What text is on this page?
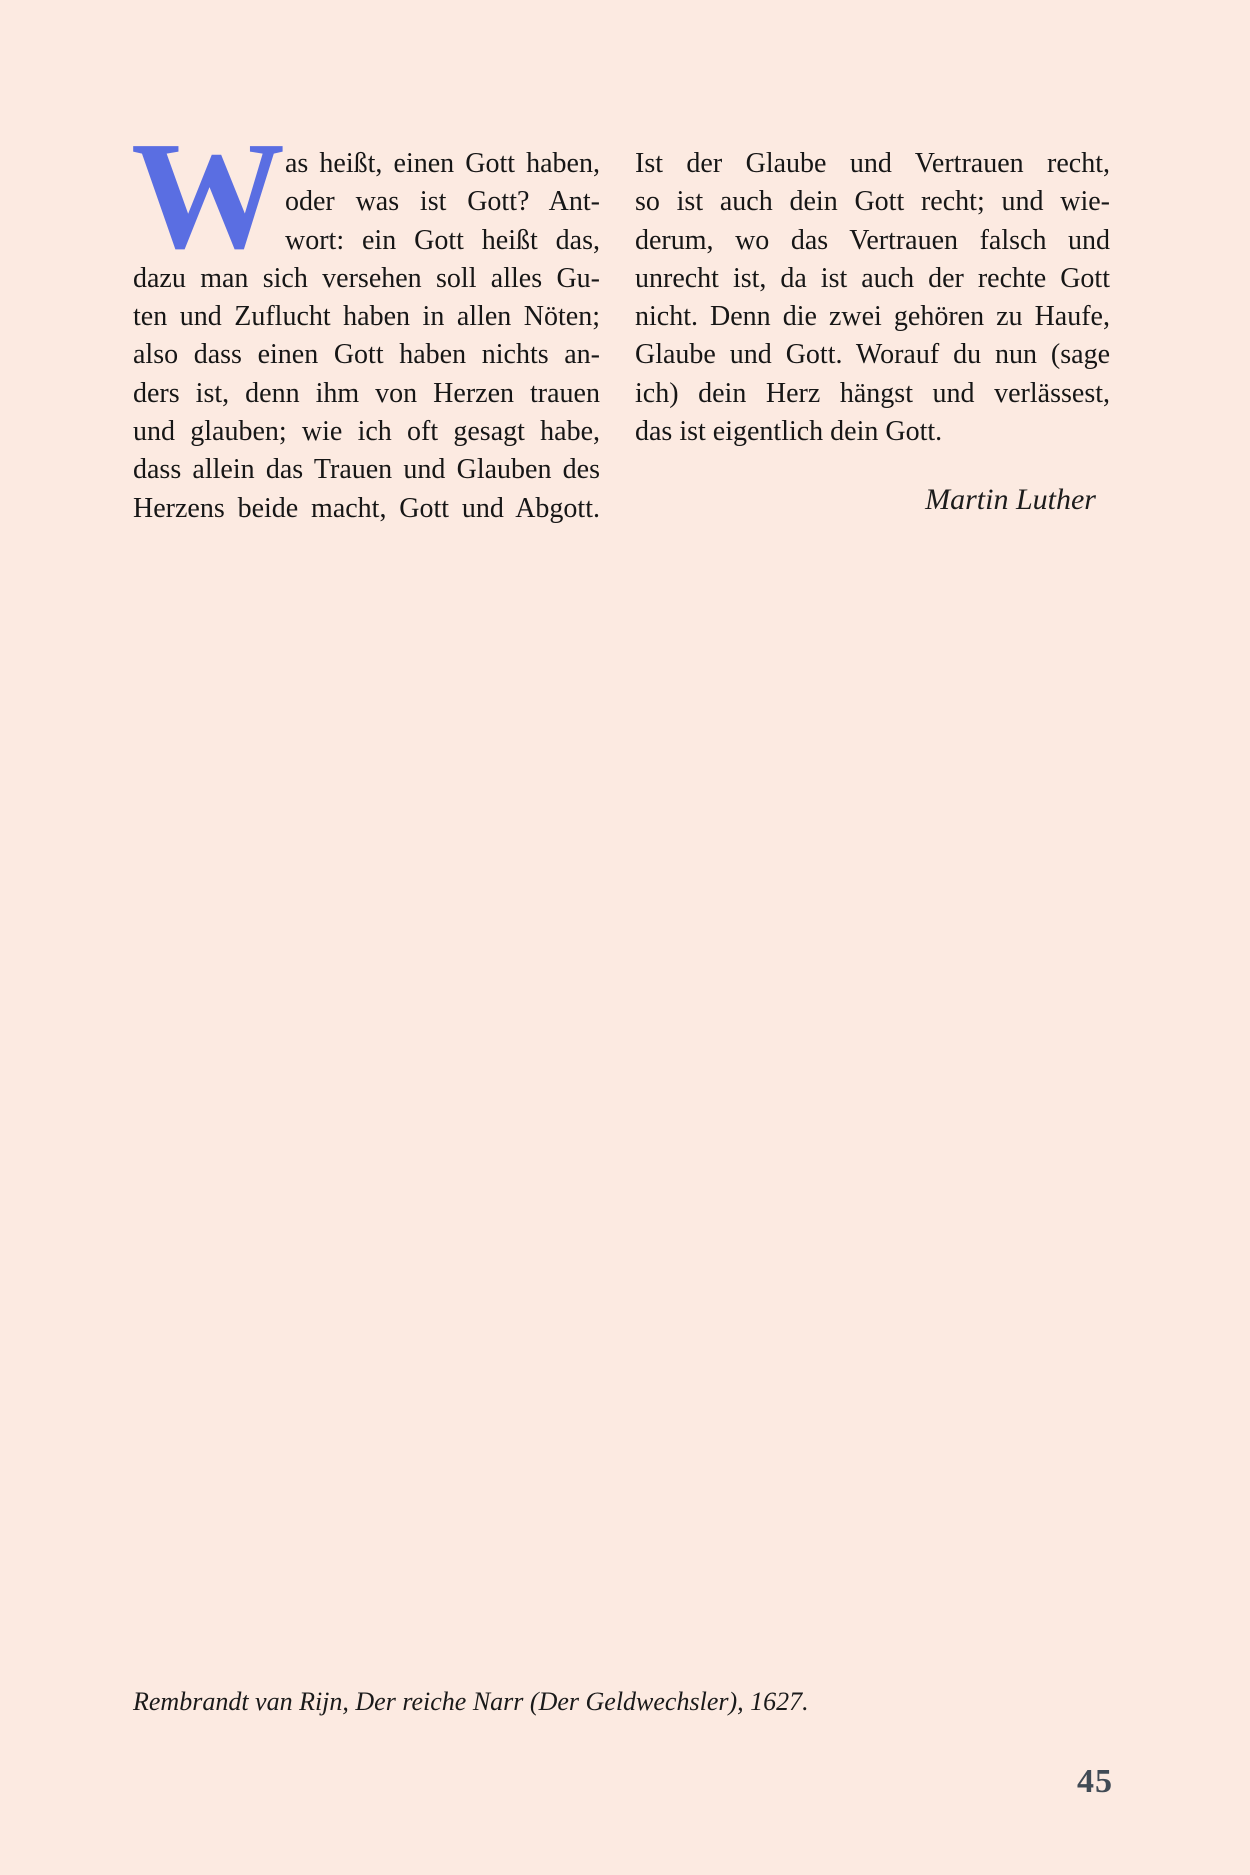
W as heißt, einen Gott haben,
oder was ist Gott? Ant-
wort: ein Gott heißt das,
dazu man sich versehen soll alles Gu-
ten und Zuflucht haben in allen Nöten;
also dass einen Gott haben nichts an-
ders ist, denn ihm von Herzen trauen
und glauben; wie ich oft gesagt habe,
dass allein das Trauen und Glauben des
Herzens beide macht, Gott und Abgott.
Ist der Glaube und Vertrauen recht,
so ist auch dein Gott recht; und wie-
derum, wo das Vertrauen falsch und
unrecht ist, da ist auch der rechte Gott
nicht. Denn die zwei gehören zu Haufe,
Glaube und Gott. Worauf du nun (sage
ich) dein Herz hängst und verlässest,
das ist eigentlich dein Gott.
Martin Luther
Rembrandt van Rijn, Der reiche Narr (Der Geldwechsler), 1627.
45
